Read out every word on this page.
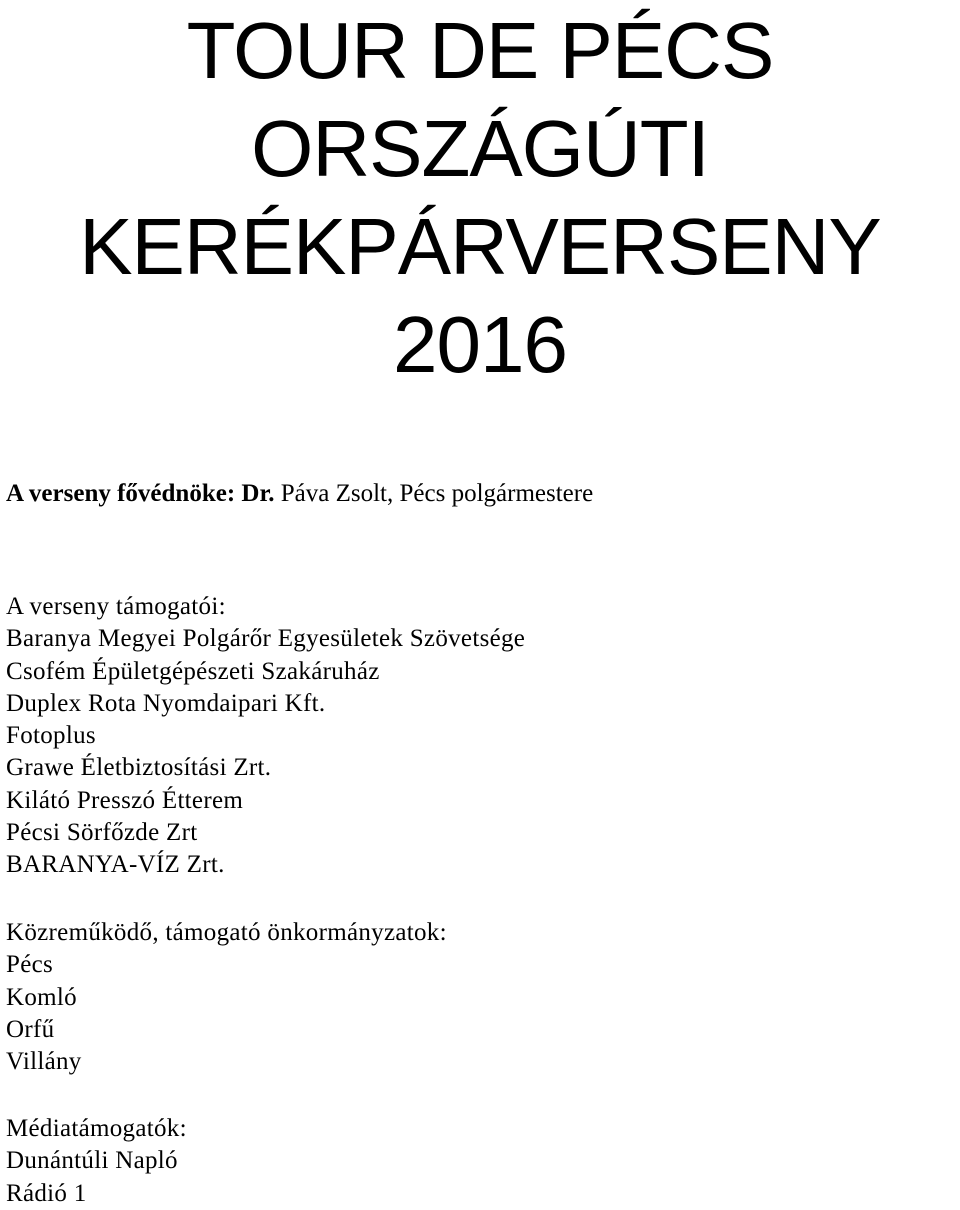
TOUR DE PÉCS
ORSZÁGÚTI
KERÉKPÁRVERSENY
2016
A verseny fővédnöke: Dr. Páva Zsolt, Pécs polgármestere
A verseny támogatói:
Baranya Megyei Polgárőr Egyesületek Szövetsége
Csofém Épületgépészeti Szakáruház
Duplex Rota Nyomdaipari Kft.
Fotoplus
Grawe Életbiztosítási Zrt.
Kilátó Presszó Étterem
Pécsi Sörfőzde Zrt
BARANYA-VÍZ Zrt.
Közreműködő, támogató önkormányzatok:
Pécs
Komló
Orfű
Villány
Médiatámogatók:
Dunántúli Napló
Rádió 1
